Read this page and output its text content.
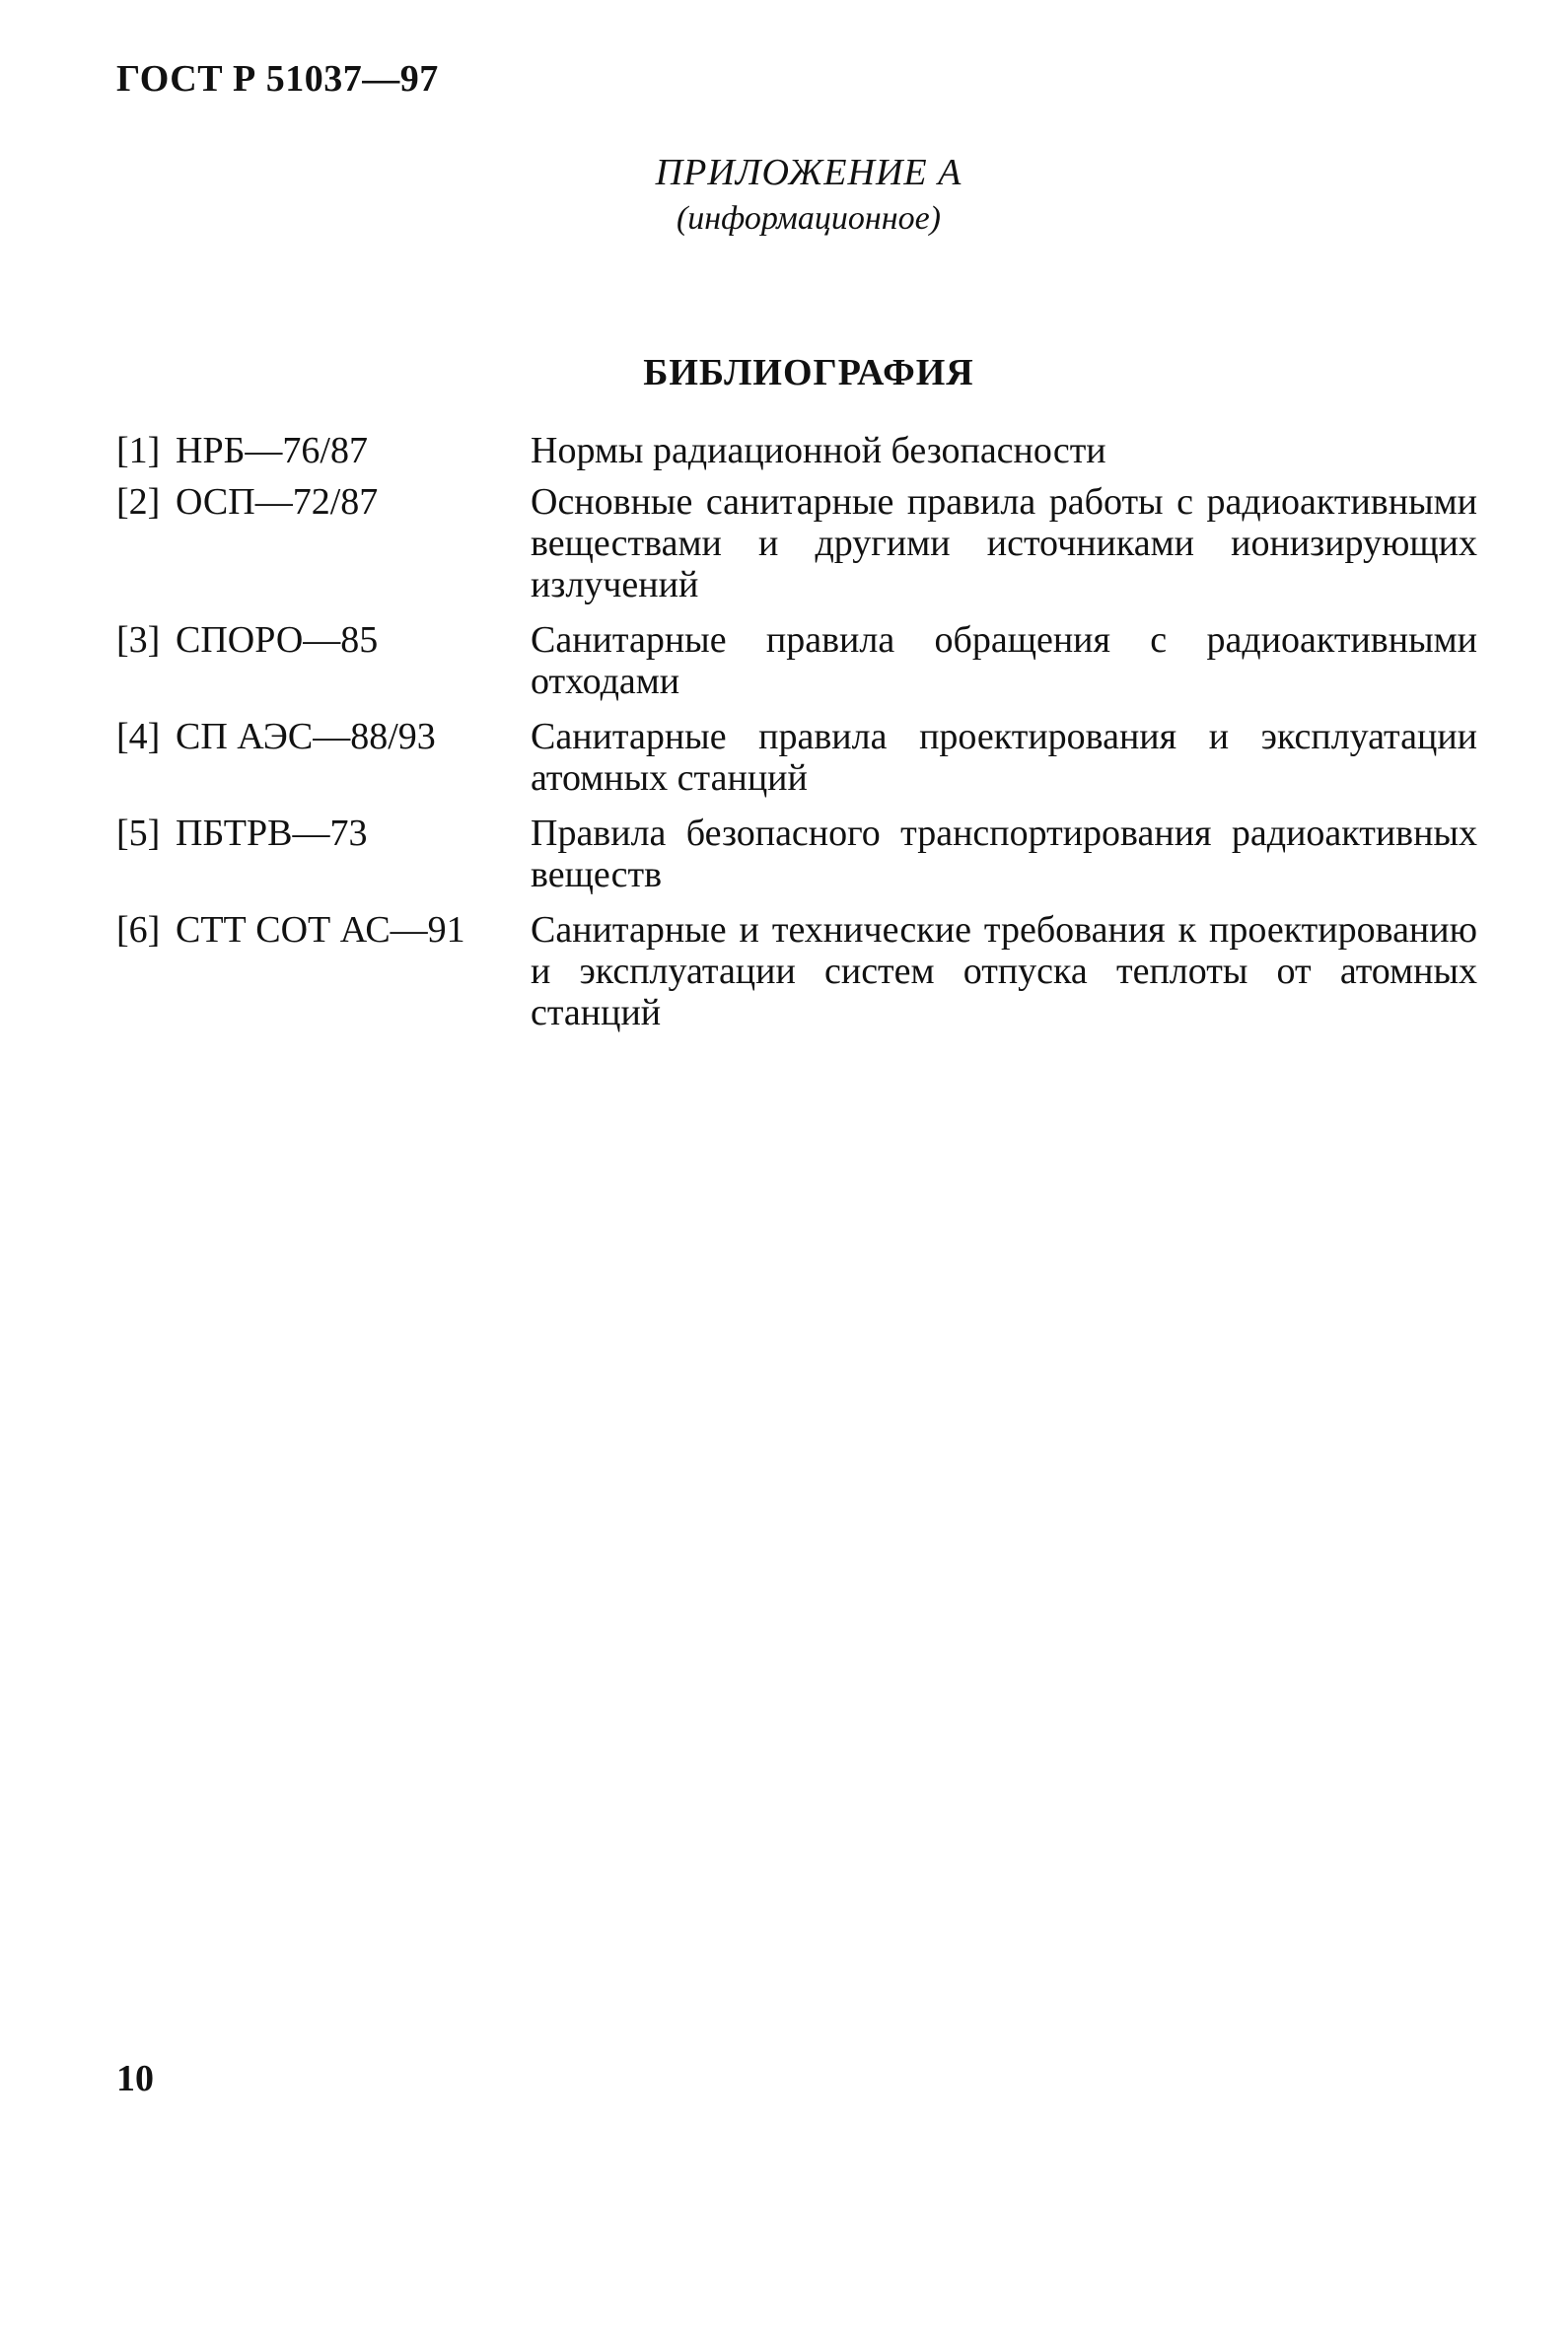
ГОСТ Р 51037—97
ПРИЛОЖЕНИЕ А
(информационное)
БИБЛИОГРАФИЯ
[1] НРБ—76/87	Нормы радиационной безопасности
[2] ОСП—72/87	Основные санитарные правила работы с радиоактивными веществами и другими источниками ионизирующих излучений
[3] СПОРО—85	Санитарные правила обращения с радиоактивными отходами
[4] СП АЭС—88/93	Санитарные правила проектирования и эксплуатации атомных станций
[5] ПБТРВ—73	Правила безопасного транспортирования радиоактивных веществ
[6] СТТ СОТ АС—91	Санитарные и технические требования к проектированию и эксплуатации систем отпуска теплоты от атомных станций
10
